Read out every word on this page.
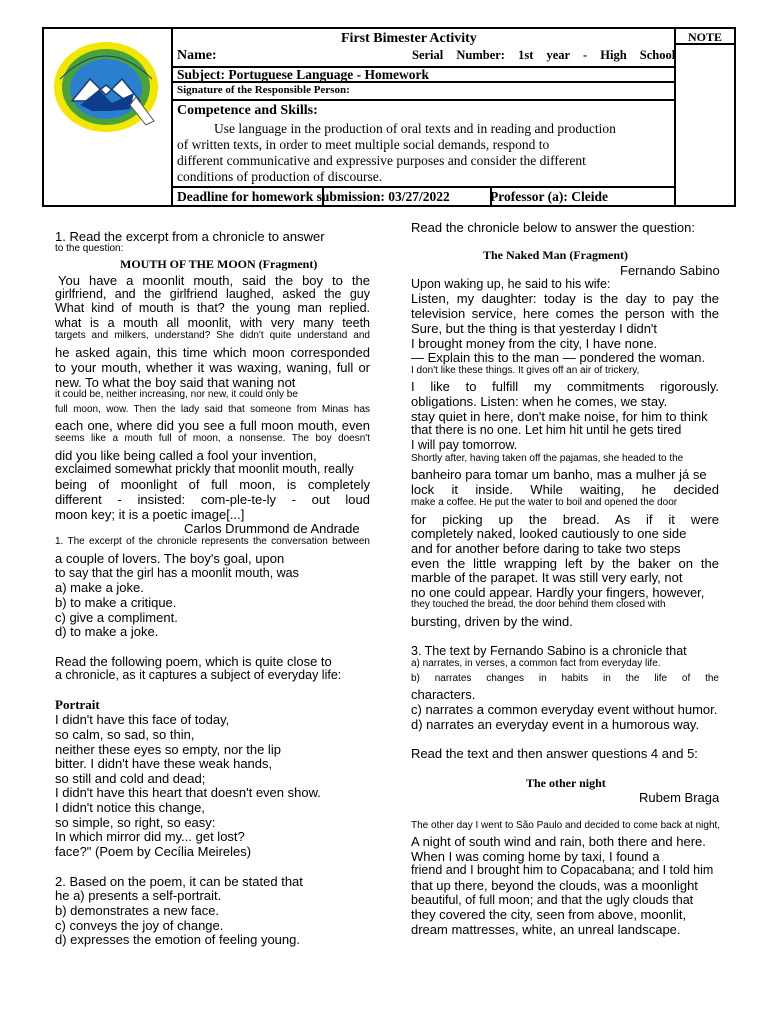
First Bimester Activity	NOTE
Name:	Serial Number: 1st year - High School
Subject: Portuguese Language - Homework
Signature of the Responsible Person:
Competence and Skills:
Use language in the production of oral texts and in reading and production
of written texts, in order to meet multiple social demands, respond to
different communicative and expressive purposes and consider the different
conditions of production of discourse.
Deadline for homework submission: 03/27/2022	Professor (a): Cleide
1. Read the excerpt from a chronicle to answer
to the question:
MOUTH OF THE MOON (Fragment)
You have a moonlit mouth, said the boy to the
girlfriend, and the girlfriend laughed, asked the guy
What kind of mouth is that? the young man replied.
what is a mouth all moonlit, with very many teeth
targets and milkers, understand? She didn't quite understand and
he asked again, this time which moon corresponded
to your mouth, whether it was waxing, waning, full or
new. To what the boy said that waning not
it could be, neither increasing, nor new, it could only be
full moon, wow. Then the lady said that someone from Minas has
each one, where did you see a full moon mouth, even
seems like a mouth full of moon, a nonsense. The boy doesn't
did you like being called a fool your invention,
exclaimed somewhat prickly that moonlit mouth, really
being of moonlight of full moon, is completely
different - insisted: com-ple-te-ly - out loud
moon key; it is a poetic image[...]
Carlos Drummond de Andrade
1. The excerpt of the chronicle represents the conversation between
a couple of lovers. The boy's goal, upon
to say that the girl has a moonlit mouth, was
a) make a joke.
b) to make a critique.
c) give a compliment.
d) to make a joke.
Read the following poem, which is quite close to
a chronicle, as it captures a subject of everyday life:
Portrait
I didn't have this face of today,
so calm, so sad, so thin,
neither these eyes so empty, nor the lip
bitter. I didn't have these weak hands,
so still and cold and dead;
I didn't have this heart that doesn't even show.
I didn't notice this change,
so simple, so right, so easy:
In which mirror did my... get lost?
face?" (Poem by Cecília Meireles)
2. Based on the poem, it can be stated that
he a) presents a self-portrait.
b) demonstrates a new face.
c) conveys the joy of change.
d) expresses the emotion of feeling young.
Read the chronicle below to answer the question:
The Naked Man (Fragment)
Fernando Sabino
Upon waking up, he said to his wife:
Listen, my daughter: today is the day to pay the
television service, here comes the person with the
Sure, but the thing is that yesterday I didn't
I brought money from the city, I have none.
— Explain this to the man — pondered the woman.
I don't like these things. It gives off an air of trickery,
I like to fulfill my commitments rigorously.
obligations. Listen: when he comes, we stay.
stay quiet in here, don't make noise, for him to think
that there is no one. Let him hit until he gets tired
I will pay tomorrow.
Shortly after, having taken off the pajamas, she headed to the
banheiro para tomar um banho, mas a mulher já se
lock it inside. While waiting, he decided
make a coffee. He put the water to boil and opened the door
for picking up the bread. As if it were
completely naked, looked cautiously to one side
and for another before daring to take two steps
even the little wrapping left by the baker on the
marble of the parapet. It was still very early, not
no one could appear. Hardly your fingers, however,
they touched the bread, the door behind them closed with
bursting, driven by the wind.
3. The text by Fernando Sabino is a chronicle that
a) narrates, in verses, a common fact from everyday life.
b) narrates changes in habits in the life of the
characters.
c) narrates a common everyday event without humor.
d) narrates an everyday event in a humorous way.
Read the text and then answer questions 4 and 5:
The other night
Rubem Braga
The other day I went to São Paulo and decided to come back at night,
A night of south wind and rain, both there and here.
When I was coming home by taxi, I found a
friend and I brought him to Copacabana; and I told him
that up there, beyond the clouds, was a moonlight
beautiful, of full moon; and that the ugly clouds that
they covered the city, seen from above, moonlit,
dream mattresses, white, an unreal landscape.
